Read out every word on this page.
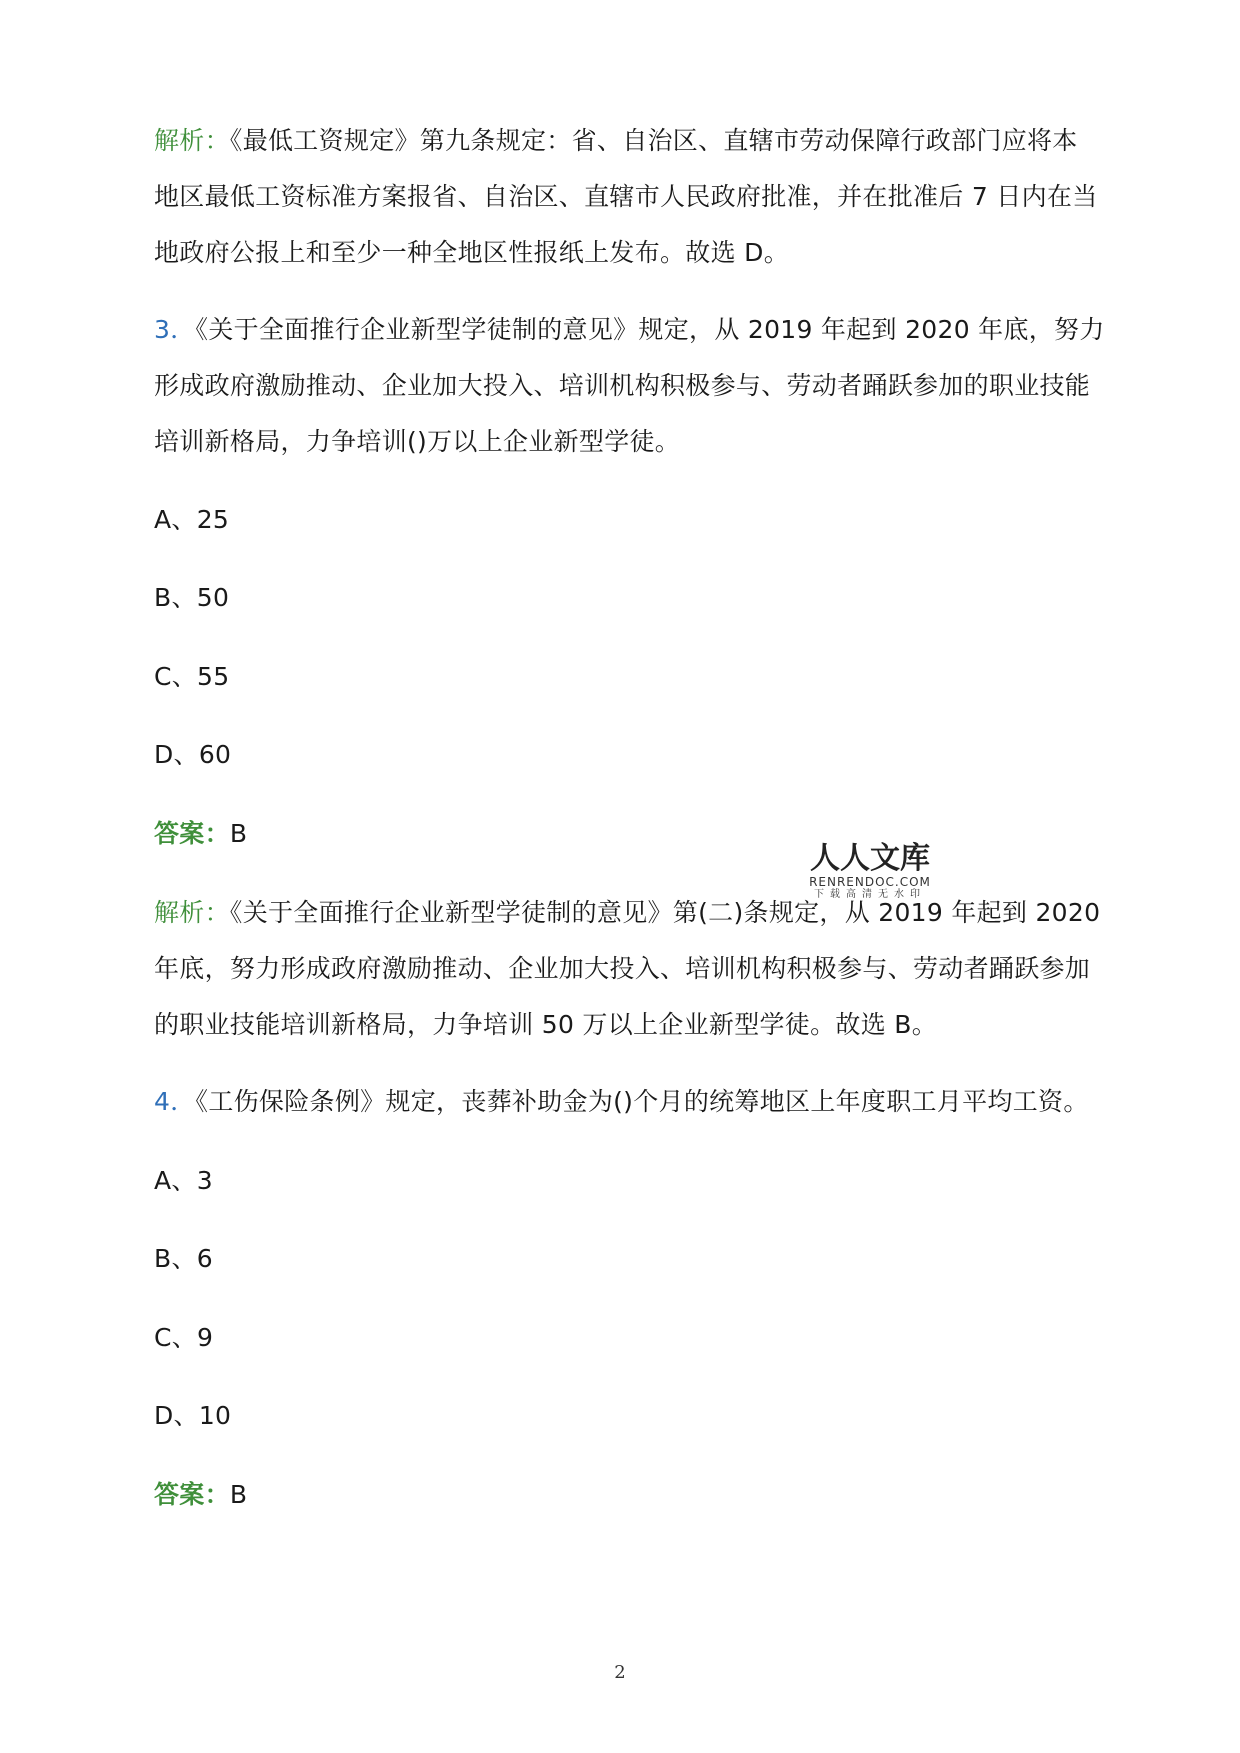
解析：《最低工资规定》第九条规定：省、自治区、直辖市劳动保障行政部门应将本
地区最低工资标准方案报省、自治区、直辖市人民政府批准，并在批准后 7 日内在当
地政府公报上和至少一种全地区性报纸上发布。故选 D。
3．《关于全面推行企业新型学徒制的意见》规定，从 2019 年起到 2020 年底，努力
形成政府激励推动、企业加大投入、培训机构积极参与、劳动者踊跃参加的职业技能
培训新格局，力争培训()万以上企业新型学徒。
A、25
B、50
C、55
D、60
答案：B
解析：《关于全面推行企业新型学徒制的意见》第(二)条规定，从 2019 年起到 2020
年底，努力形成政府激励推动、企业加大投入、培训机构积极参与、劳动者踊跃参加
的职业技能培训新格局，力争培训 50 万以上企业新型学徒。故选 B。
4．《工伤保险条例》规定，丧葬补助金为()个月的统筹地区上年度职工月平均工资。
A、3
B、6
C、9
D、10
答案：B
人人文库
RENRENDOC.COM
下载高清无水印
2
